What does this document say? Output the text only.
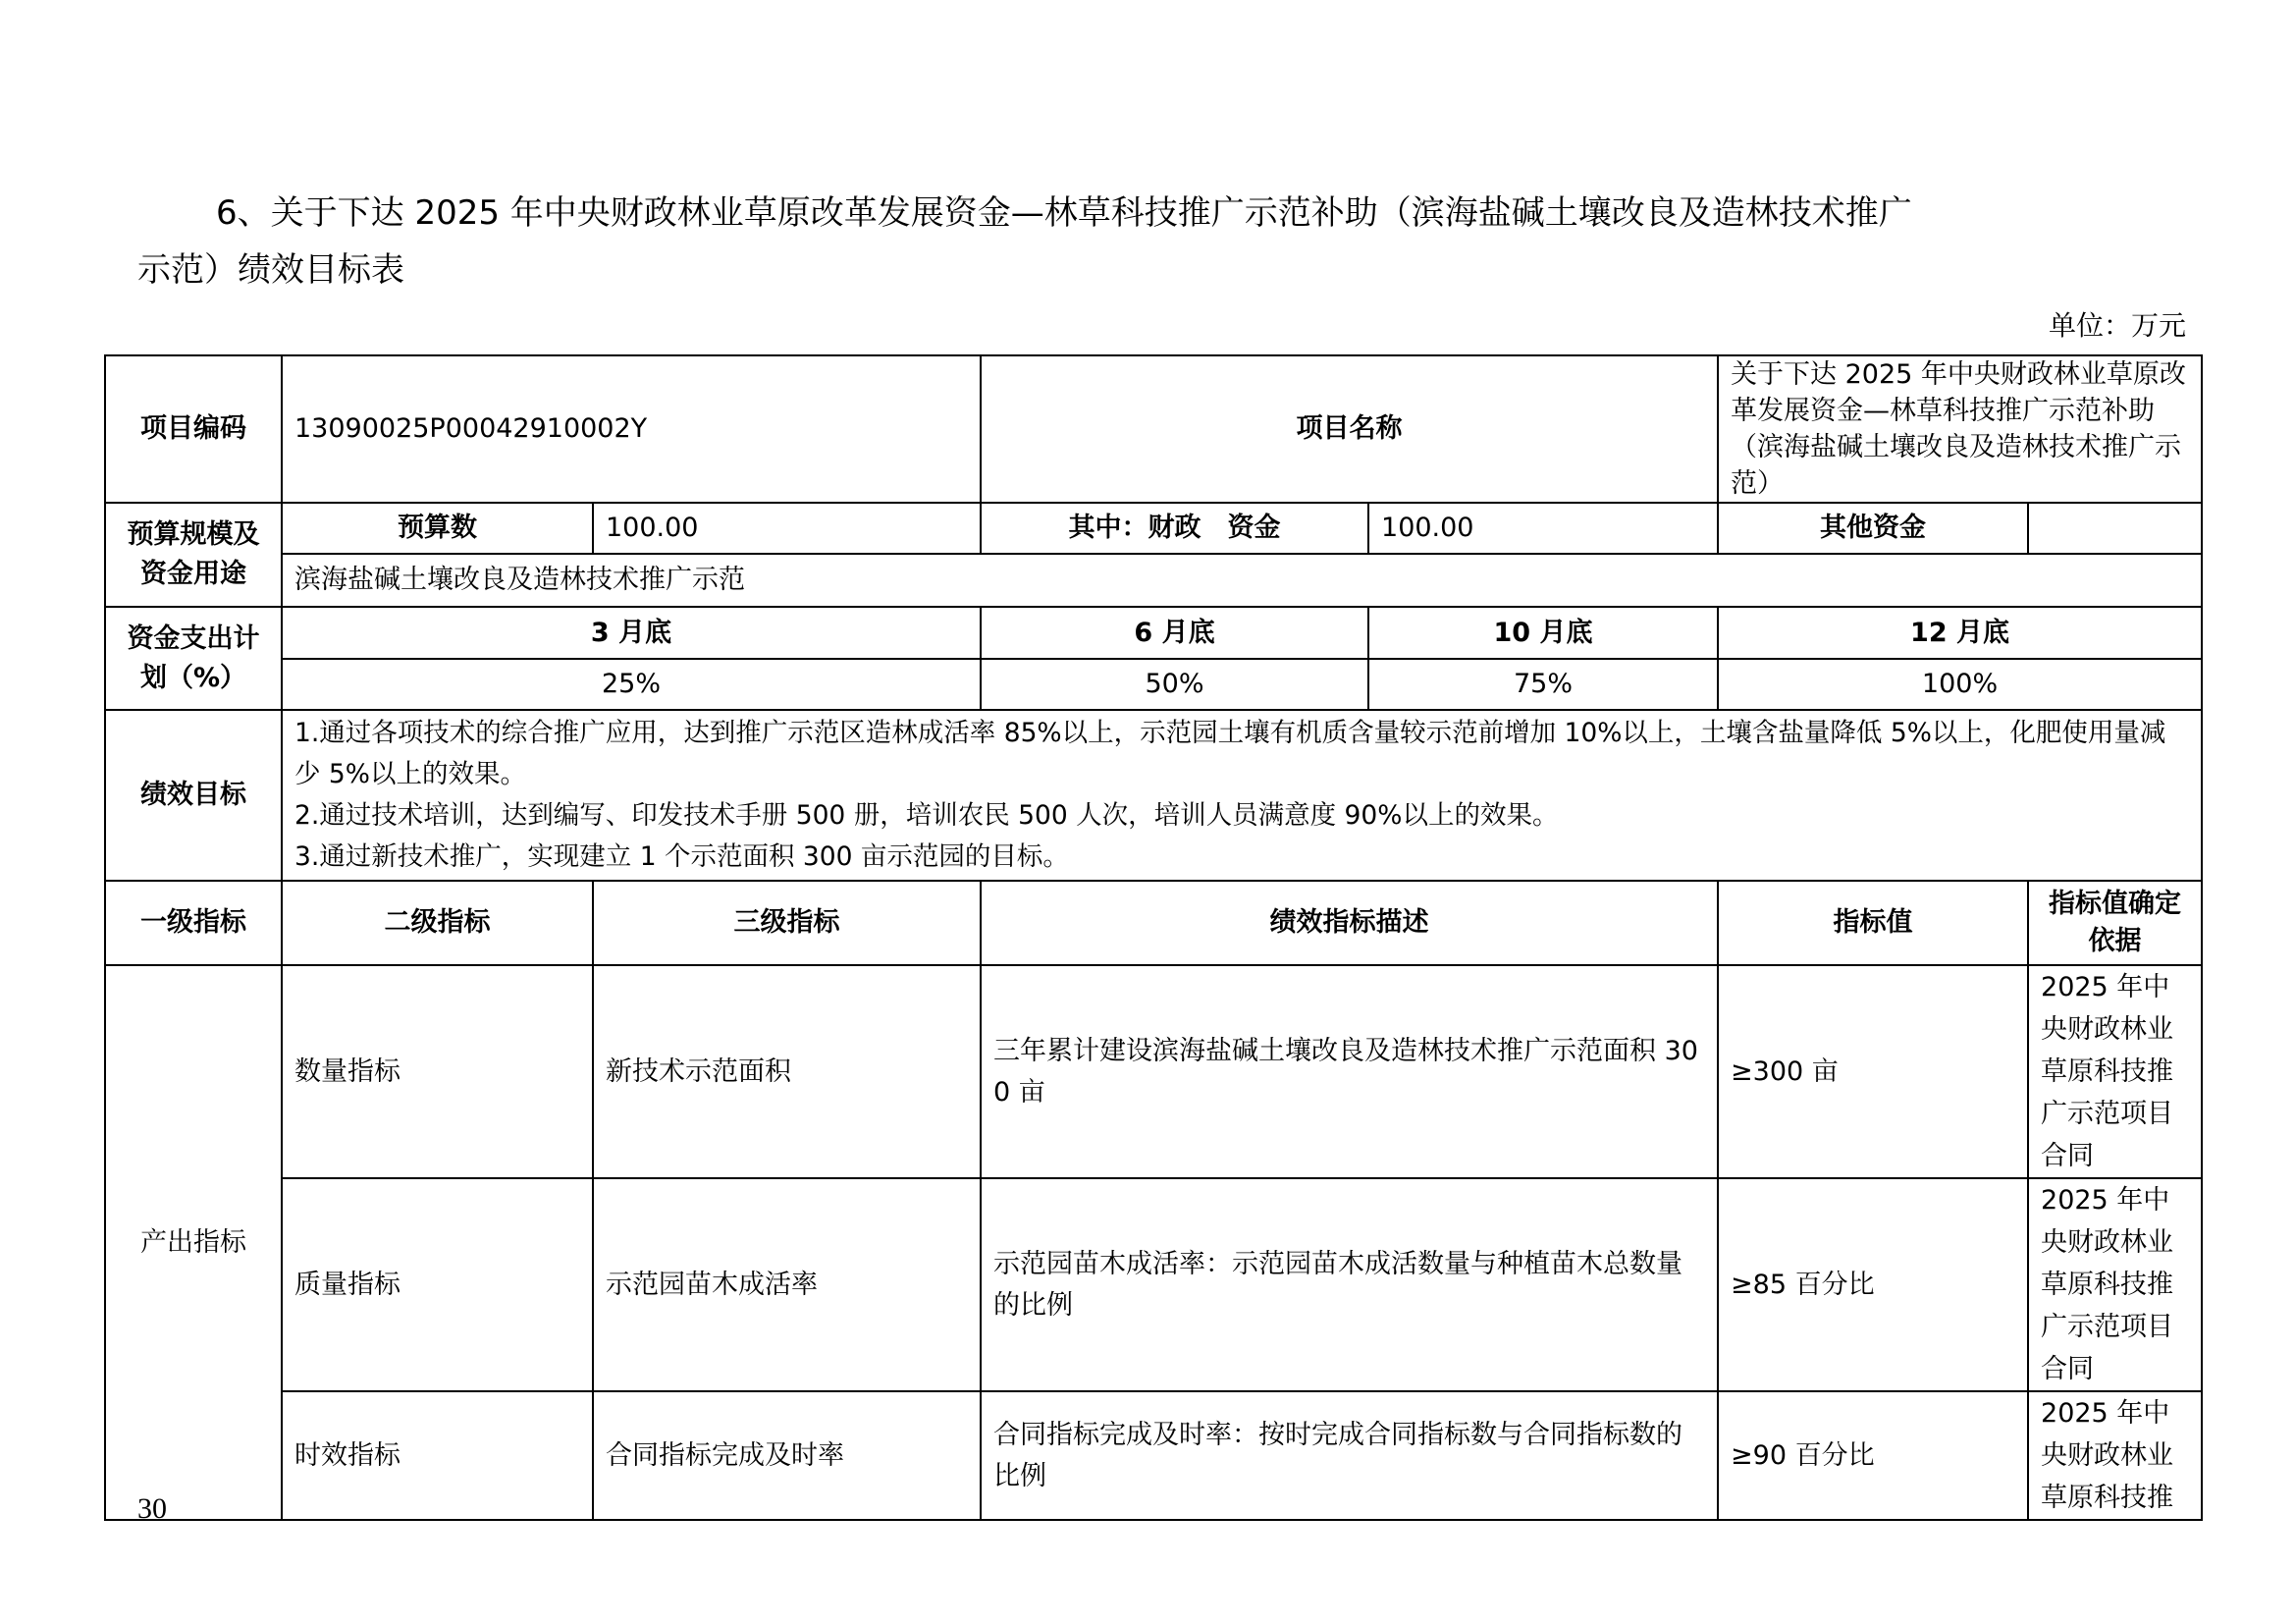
6、关于下达 2025 年中央财政林业草原改革发展资金—林草科技推广示范补助（滨海盐碱土壤改良及造林技术推广
示范）绩效目标表
单位：万元
项目编码	13090025P00042910002Y		项目名称		关于下达 2025 年中央财政林业草原改革发展资金—林草科技推广示范补助（滨海盐碱土壤改良及造林技术推广示范）	
预算规模及资金用途	预算数	100.00	其中：财政　资金	100.00	其他资金	
	滨海盐碱土壤改良及造林技术推广示范					
资金支出计划（%）	3 月底		6 月底	10 月底	12 月底	
	25%		50%	75%	100%	
绩效目标	1.通过各项技术的综合推广应用，达到推广示范区造林成活率 85%以上，示范园土壤有机质含量较示范前增加 10%以上，土壤含盐量降低 5%以上，化肥使用量减少 5%以上的效果。
2.通过技术培训，达到编写、印发技术手册 500 册，培训农民 500 人次，培训人员满意度 90%以上的效果。
3.通过新技术推广，实现建立 1 个示范面积 300 亩示范园的目标。					

一级指标	二级指标	三级指标	绩效指标描述		指标值	指标值确定依据
产出指标	数量指标	新技术示范面积	三年累计建设滨海盐碱土壤改良及造林技术推广示范面积 300 亩		≥300 亩	2025 年中央财政林业草原科技推广示范项目合同
	质量指标	示范园苗木成活率	示范园苗木成活率：示范园苗木成活数量与种植苗木总数量的比例		≥85 百分比	2025 年中央财政林业草原科技推广示范项目合同
	时效指标	合同指标完成及时率	合同指标完成及时率：按时完成合同指标数与合同指标数的比例		≥90 百分比	2025 年中央财政林业草原科技推
30
